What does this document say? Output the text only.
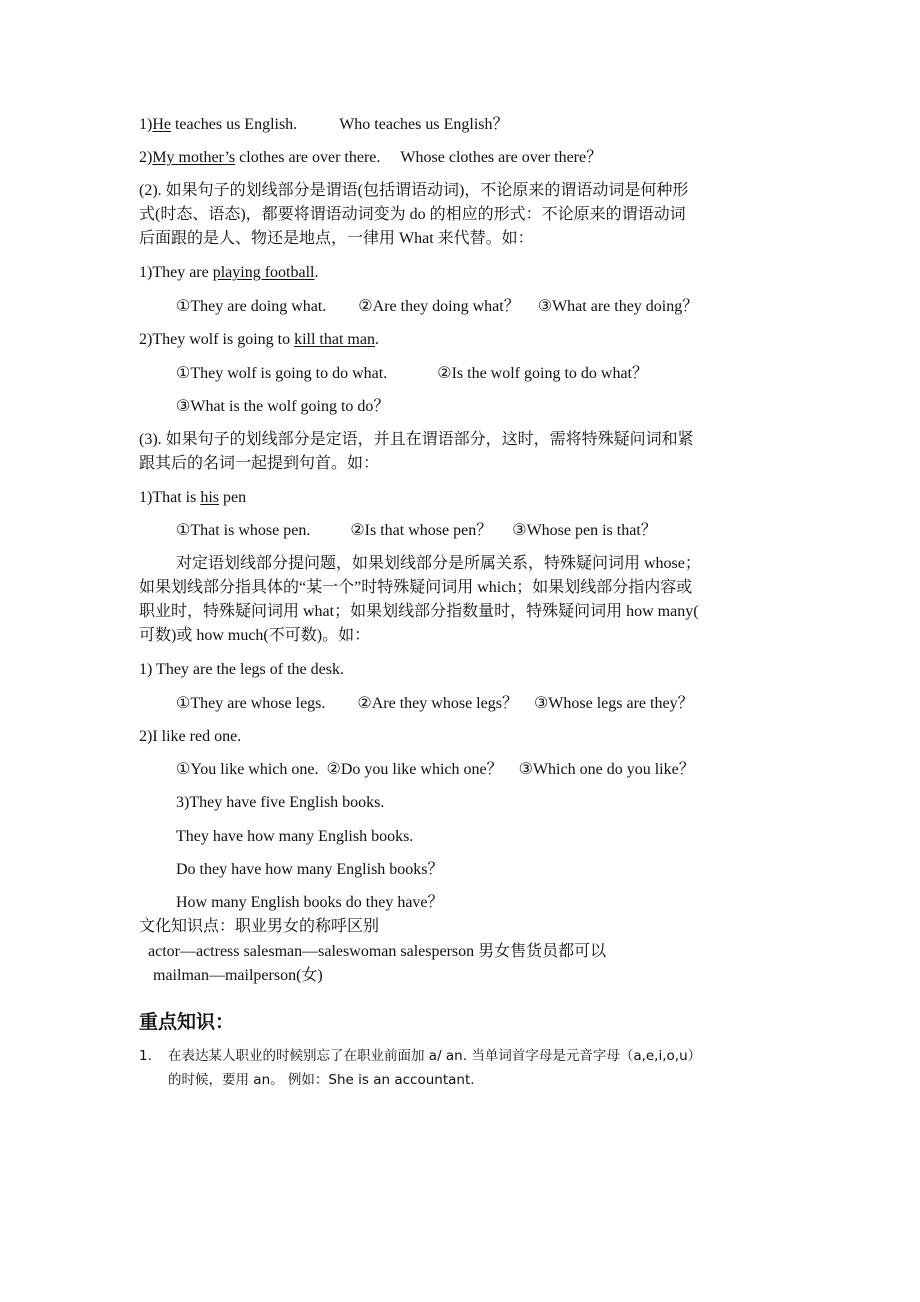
1)He teaches us English.	Who teaches us English？
2)My mother’s clothes are over there. Whose clothes are over there？
(2). 如果句子的划线部分是谓语(包括谓语动词)，不论原来的谓语动词是何种形
式(时态、语态)，都要将谓语动词变为 do 的相应的形式：不论原来的谓语动词
后面跟的是人、物还是地点，一律用 What 来代替。如：
1)They are playing football.
①They are doing what. ②Are they doing what？ ③What are they doing？
2)They wolf is going to kill that man.
①They wolf is going to do what.	②Is the wolf going to do what？
③What is the wolf going to do？
(3). 如果句子的划线部分是定语，并且在谓语部分，这时，需将特殊疑问词和紧
跟其后的名词一起提到句首。如：
1)That is his pen
①That is whose pen.	②Is that whose pen？ ③Whose pen is that？
对定语划线部分提问题，如果划线部分是所属关系，特殊疑问词用 whose；
如果划线部分指具体的“某一个”时特殊疑问词用 which；如果划线部分指内容或
职业时，特殊疑问词用 what；如果划线部分指数量时，特殊疑问词用 how many(
可数)或 how much(不可数)。如：
1) They are the legs of the desk.
①They are whose legs. ②Are they whose legs？ ③Whose legs are they？
2)I like red one.
①You like which one. ②Do you like which one？ ③Which one do you like？
3)They have five English books.
They have how many English books.
Do they have how many English books？
How many English books do they have？
文化知识点：职业男女的称呼区别
actor—actress salesman—saleswoman salesperson 男女售货员都可以
mailman—mailperson(女)
重点知识：
1. 在表达某人职业的时候别忘了在职业前面加 a/ an. 当单词首字母是元音字母（a,e,i,o,u）
的时候，要用 an。 例如：She is an accountant.
